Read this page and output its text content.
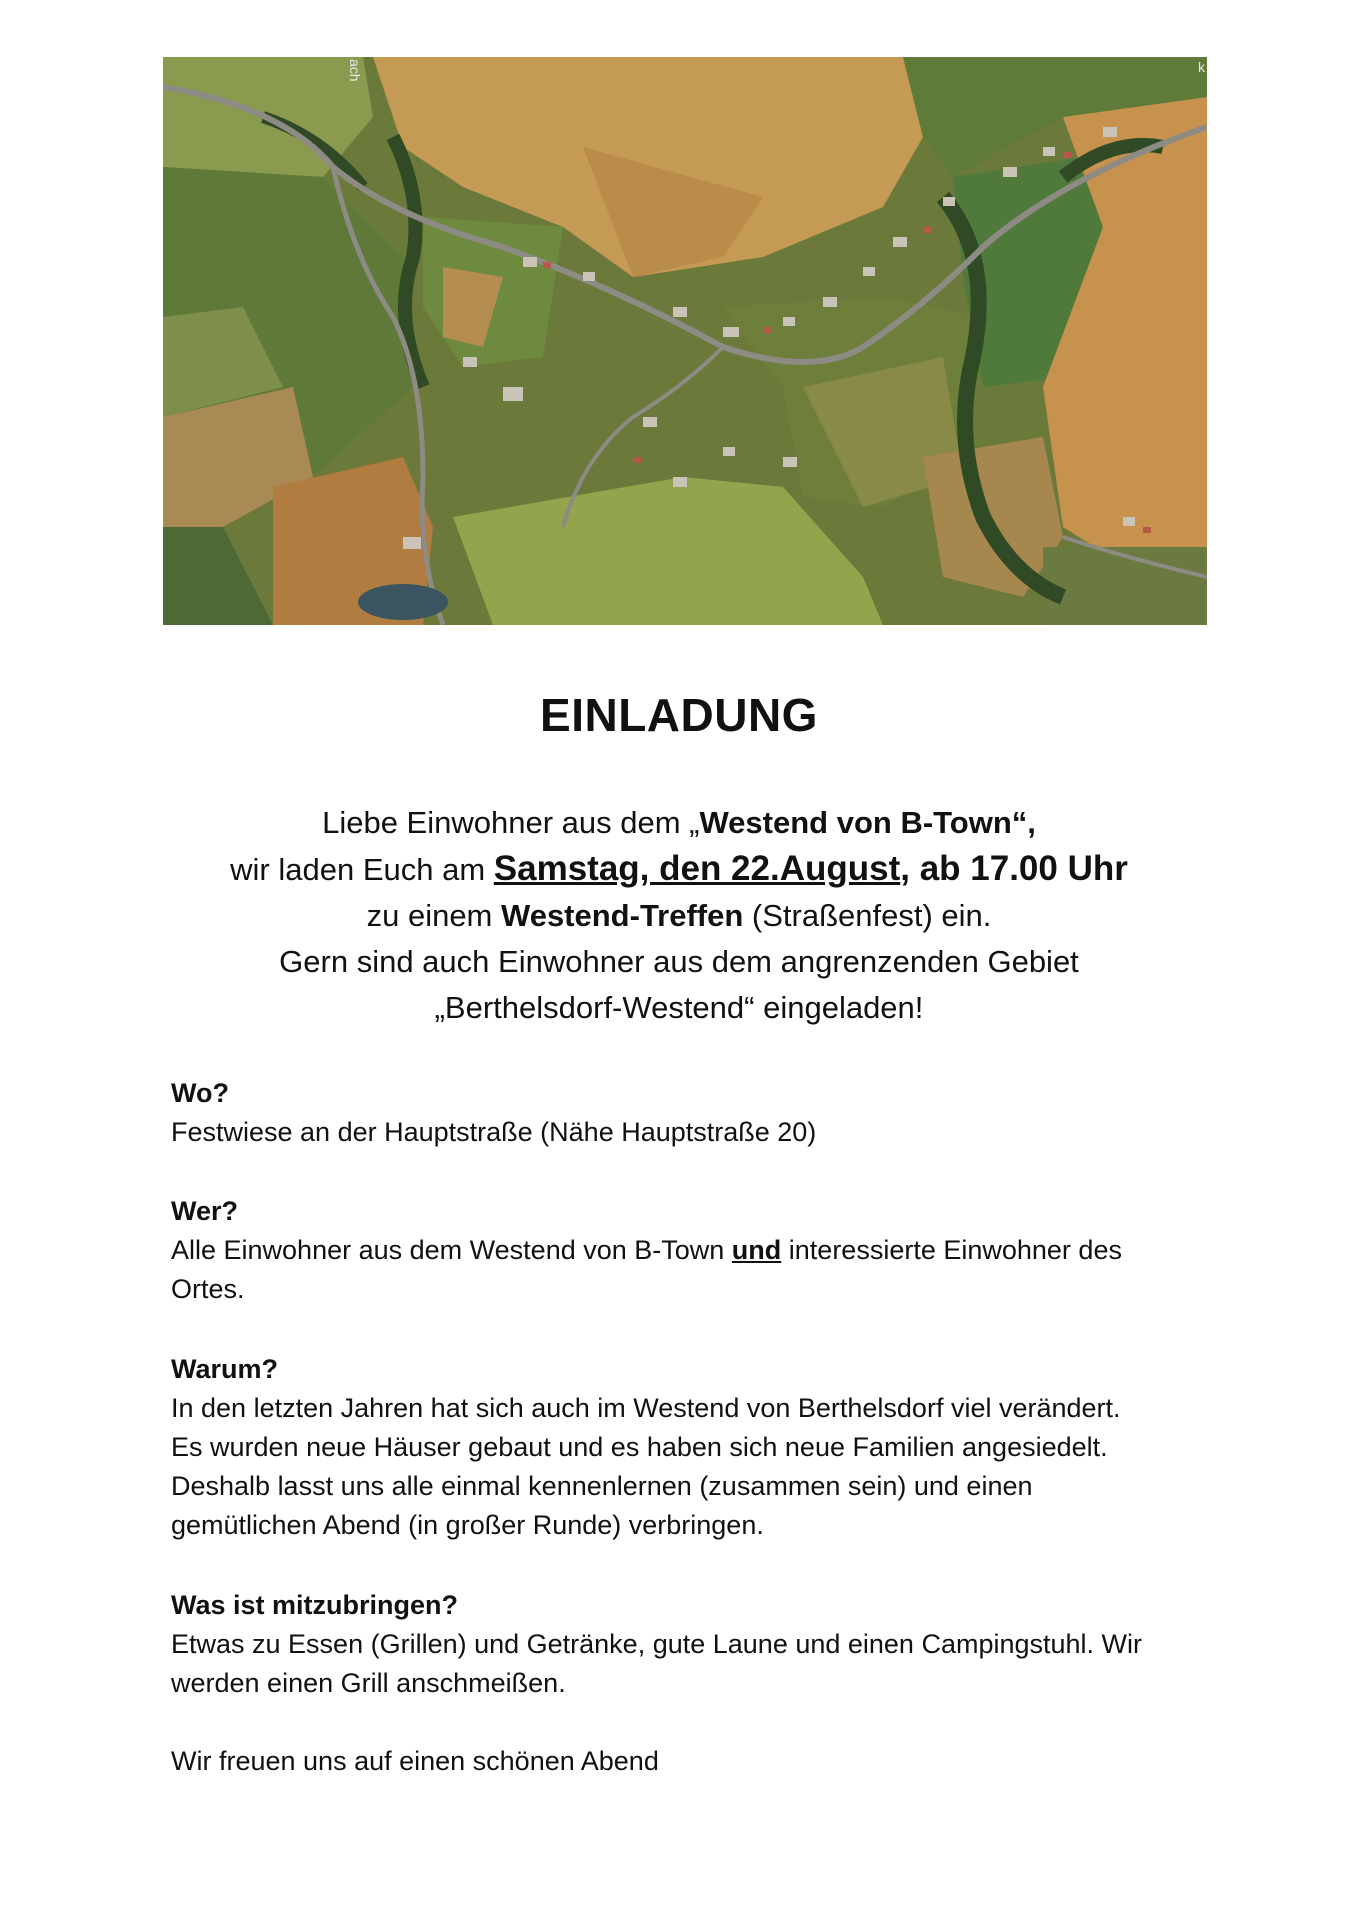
ach	k
EINLADUNG
Liebe Einwohner aus dem „Westend von B-Town“,
wir laden Euch am Samstag, den 22.August, ab 17.00 Uhr
zu einem Westend-Treffen (Straßenfest) ein.
Gern sind auch Einwohner aus dem angrenzenden Gebiet
„Berthelsdorf-Westend“ eingeladen!
Wo?
Festwiese an der Hauptstraße (Nähe Hauptstraße 20)
Wer?
Alle Einwohner aus dem Westend von B-Town und interessierte Einwohner des
Ortes.
Warum?
In den letzten Jahren hat sich auch im Westend von Berthelsdorf viel verändert.
Es wurden neue Häuser gebaut und es haben sich neue Familien angesiedelt.
Deshalb lasst uns alle einmal kennenlernen (zusammen sein) und einen
gemütlichen Abend (in großer Runde) verbringen.
Was ist mitzubringen?
Etwas zu Essen (Grillen) und Getränke, gute Laune und einen Campingstuhl. Wir
werden einen Grill anschmeißen.
Wir freuen uns auf einen schönen Abend
